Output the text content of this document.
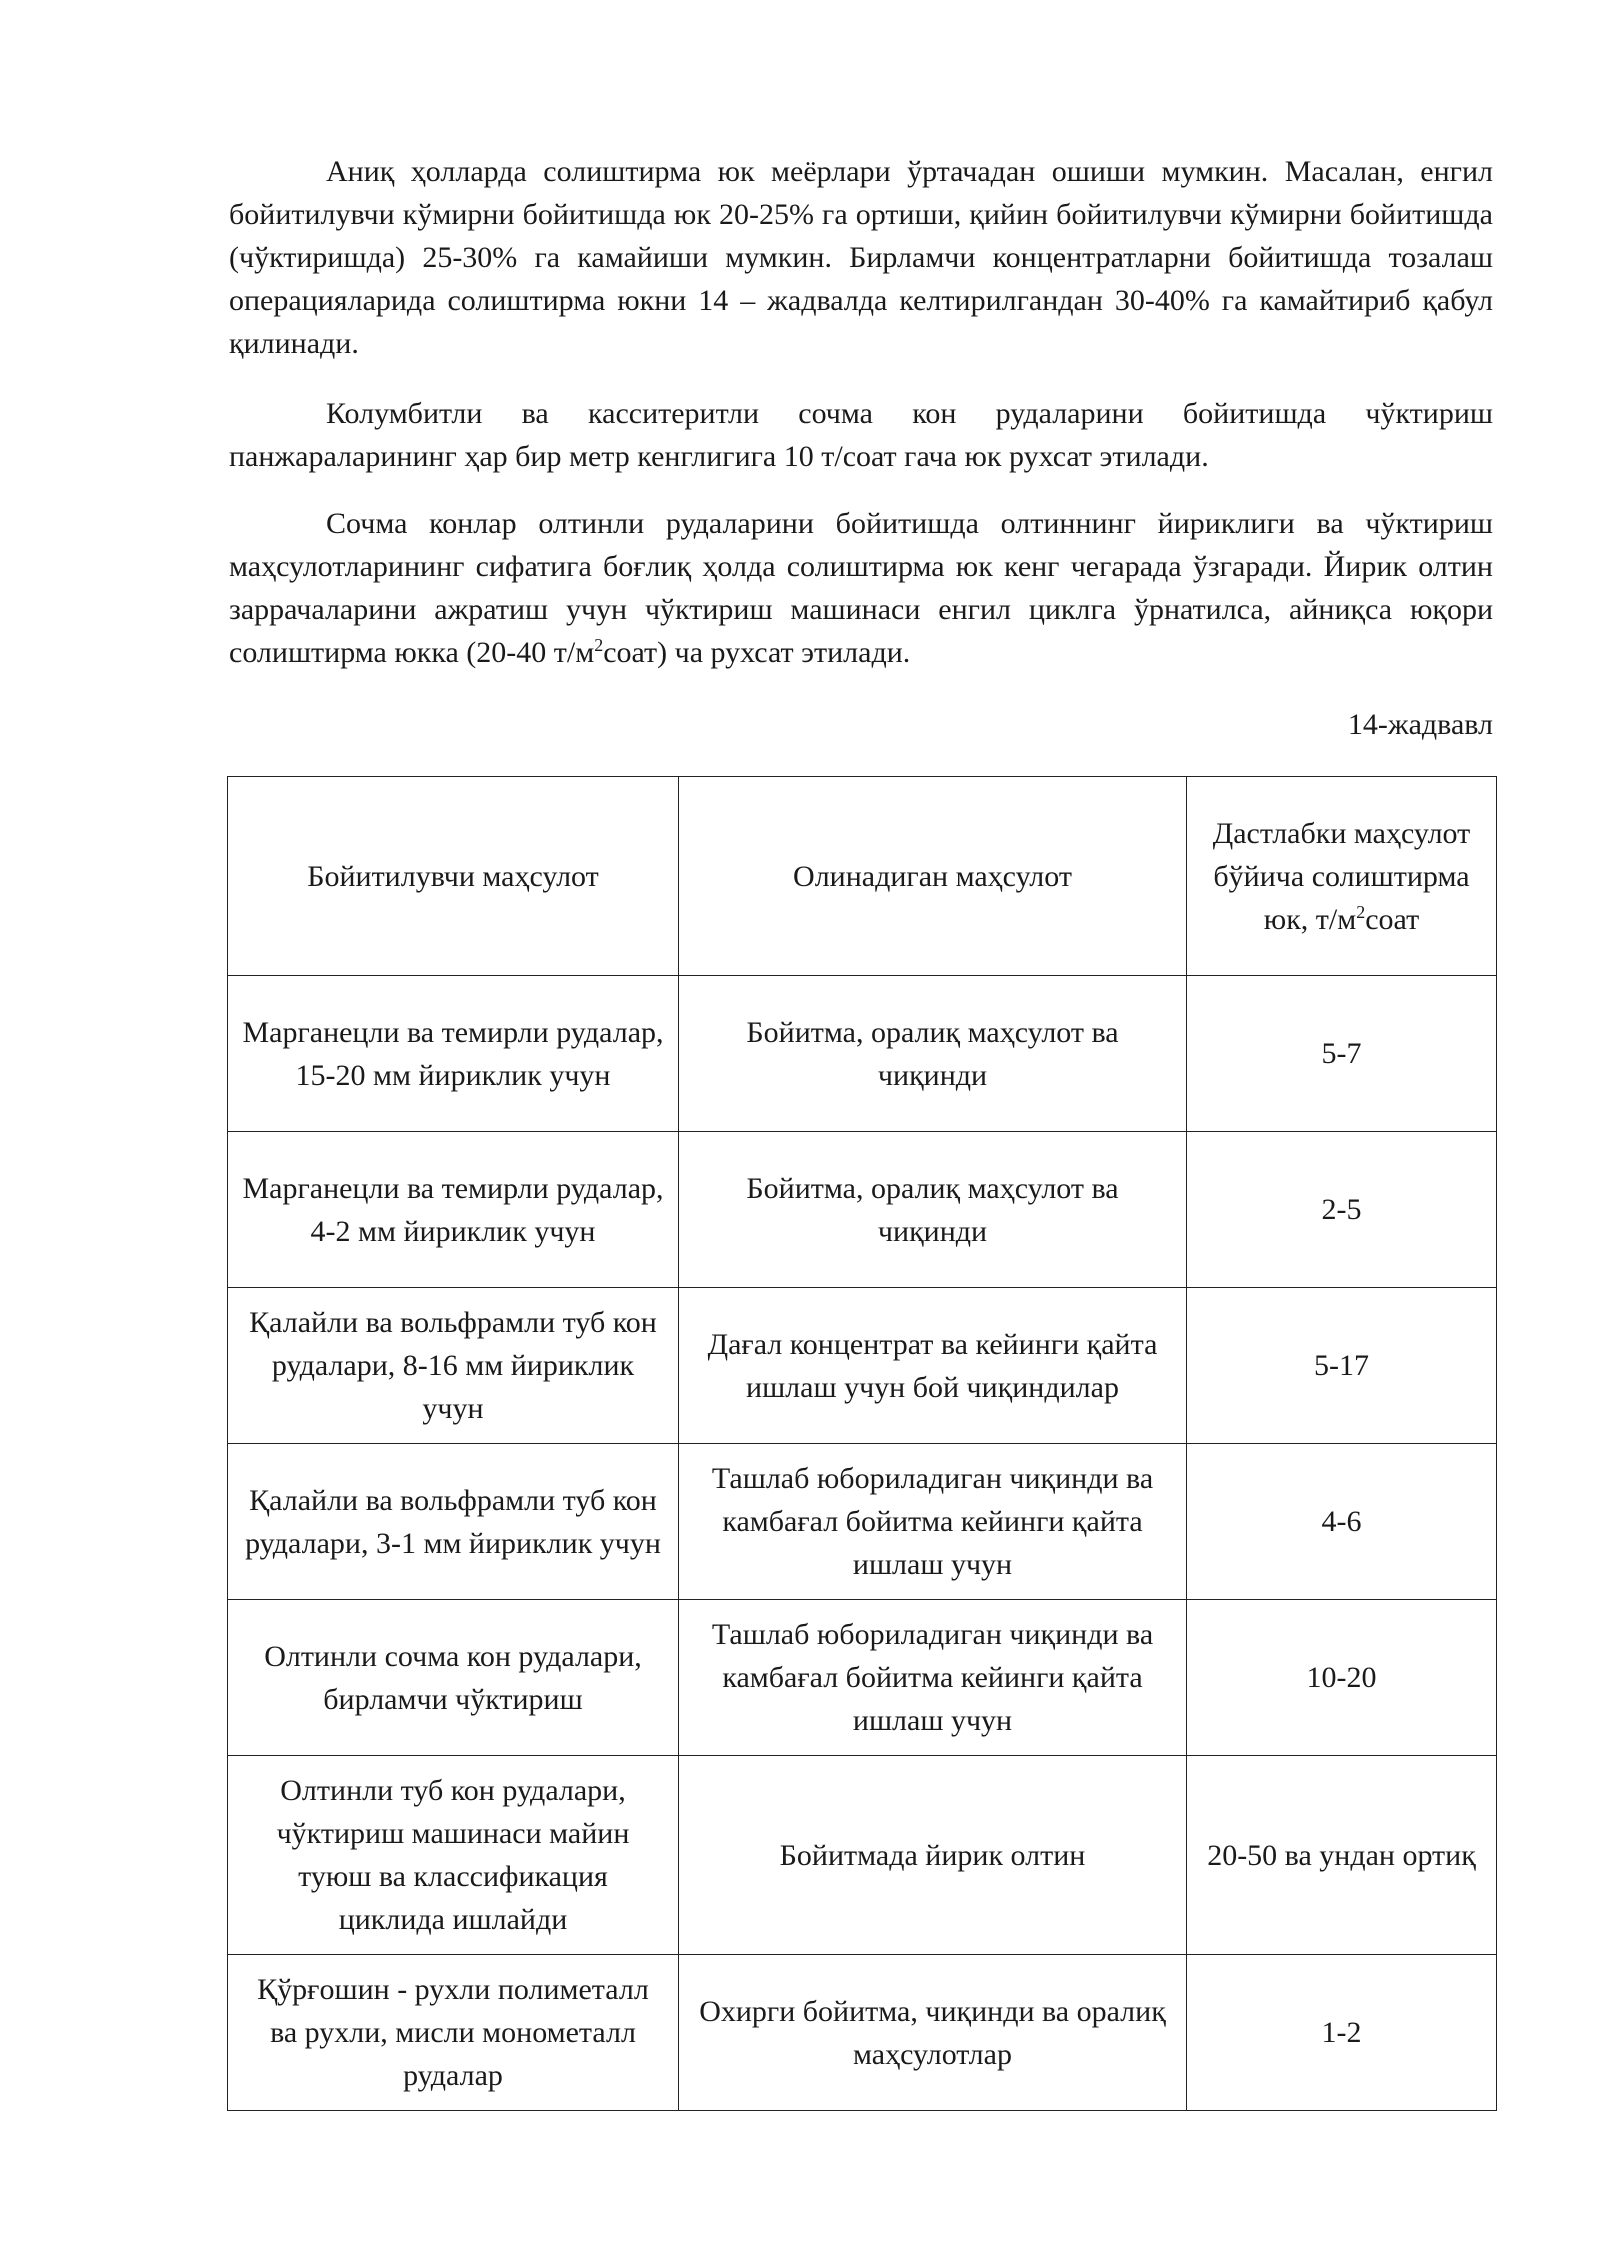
Аниқ ҳолларда солиштирма юк меёрлари ўртачадан ошиши мумкин. Масалан, енгил бойитилувчи кўмирни бойитишда юк 20-25% га ортиши, қийин бойитилувчи кўмирни бойитишда (чўктиришда) 25-30% га камайиши мумкин. Бирламчи концентратларни бойитишда тозалаш операцияларида солиштирма юкни 14 – жадвалда келтирилгандан 30-40% га камайтириб қабул қилинади.

Колумбитли ва касситеритли сочма кон рудаларини бойитишда чўктириш панжараларининг ҳар бир метр кенглигига 10 т/соат гача юк рухсат этилади.

Сочма конлар олтинли рудаларини бойитишда олтиннинг йириклиги ва чўктириш маҳсулотларининг сифатига боғлиқ ҳолда солиштирма юк кенг чегарада ўзгаради. Йирик олтин заррачаларини ажратиш учун чўктириш машинаси енгил циклга ўрнатилса, айниқса юқори солиштирма юкка (20-40 $т/м^2соат$) ча рухсат этилади.

14-жадвавл

Бойитилувчи маҳсулот	Олинадиган маҳсулот	Дастлабки маҳсулот бўйича солиштирма юк, $т/м^2соат$
Марганецли ва темирли рудалар, 15-20 мм йириклик учун	Бойитма, оралиқ маҳсулот ва чиқинди	5-7
Марганецли ва темирли рудалар, 4-2 мм йириклик учун	Бойитма, оралиқ маҳсулот ва чиқинди	2-5
Қалайли ва вольфрамли туб кон рудалари, 8-16 мм йириклик учун	Дағал концентрат ва кейинги қайта ишлаш учун бой чиқиндилар	5-17
Қалайли ва вольфрамли туб кон рудалари, 3-1 мм йириклик учун	Ташлаб юбориладиган чиқинди ва камбағал бойитма кейинги қайта ишлаш учун	4-6
Олтинли сочма кон рудалари, бирламчи чўктириш	Ташлаб юбориладиган чиқинди ва камбағал бойитма кейинги қайта ишлаш учун	10-20
Олтинли туб кон рудалари, чўктириш машинаси майин туюш ва классификация циклида ишлайди	Бойитмада йирик олтин	20-50 ва ундан ортиқ
Қўрғошин - рухли полиметалл ва рухли, мисли монометалл рудалар	Охирги бойитма, чиқинди ва оралиқ маҳсулотлар	1-2
